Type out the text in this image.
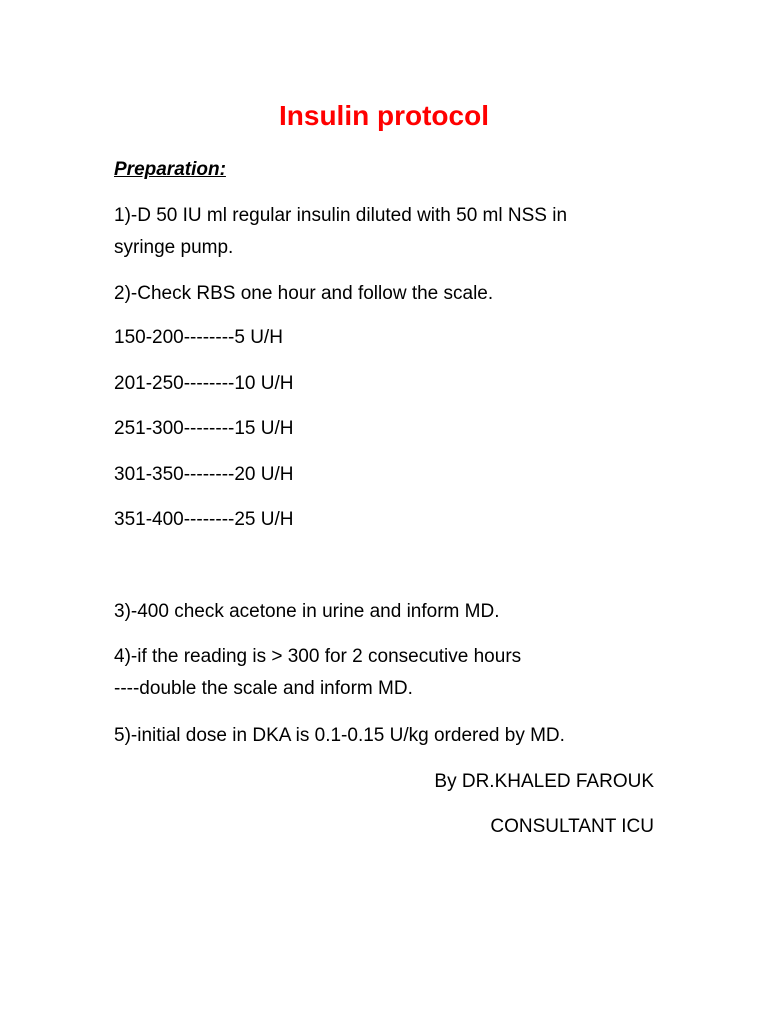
Insulin protocol
Preparation:
1)-D 50 IU ml regular insulin diluted with 50 ml NSS in
syringe pump.
2)-Check RBS one hour and follow the scale.
150-200--------5 U/H
201-250--------10 U/H
251-300--------15 U/H
301-350--------20 U/H
351-400--------25 U/H
3)-400 check acetone in urine and inform MD.
4)-if the reading is > 300 for 2 consecutive hours
----double the scale and inform MD.
5)-initial dose in DKA is 0.1-0.15 U/kg ordered by MD.
By DR.KHALED FAROUK
CONSULTANT ICU
